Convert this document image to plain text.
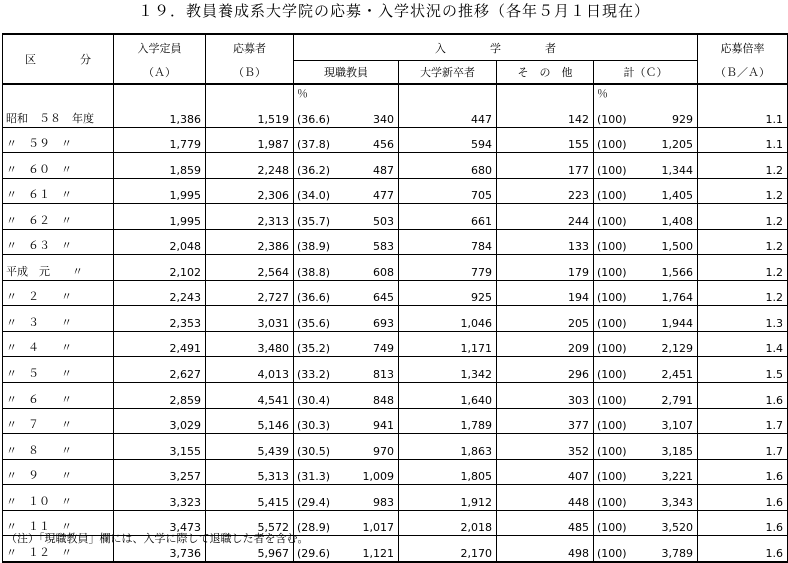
１９．教員養成系大学院の応募・入学状況の推移（各年５月１日現在）
区　　　　分	入学定員	応募者	入　　　　学　　　　者						応募倍率
	（Ａ）	（Ｂ）	現職教員		大学新卒者	そ　の　他	計（Ｃ）		（Ｂ／Ａ）
			％				％		
昭和　５８　年度	1,386	1,519	(36.6)	340	447	142	(100)	929	1.1
〃　５９　〃	1,779	1,987	(37.8)	456	594	155	(100)	1,205	1.1
〃　６０　〃	1,859	2,248	(36.2)	487	680	177	(100)	1,344	1.2
〃　６１　〃	1,995	2,306	(34.0)	477	705	223	(100)	1,405	1.2
〃　６２　〃	1,995	2,313	(35.7)	503	661	244	(100)	1,408	1.2
〃　６３　〃	2,048	2,386	(38.9)	583	784	133	(100)	1,500	1.2
平成　元　　〃	2,102	2,564	(38.8)	608	779	179	(100)	1,566	1.2
〃　２　　〃	2,243	2,727	(36.6)	645	925	194	(100)	1,764	1.2
〃　３　　〃	2,353	3,031	(35.6)	693	1,046	205	(100)	1,944	1.3
〃　４　　〃	2,491	3,480	(35.2)	749	1,171	209	(100)	2,129	1.4
〃　５　　〃	2,627	4,013	(33.2)	813	1,342	296	(100)	2,451	1.5
〃　６　　〃	2,859	4,541	(30.4)	848	1,640	303	(100)	2,791	1.6
〃　７　　〃	3,029	5,146	(30.3)	941	1,789	377	(100)	3,107	1.7
〃　８　　〃	3,155	5,439	(30.5)	970	1,863	352	(100)	3,185	1.7
〃　９　　〃	3,257	5,313	(31.3)	1,009	1,805	407	(100)	3,221	1.6
〃　１０　〃	3,323	5,415	(29.4)	983	1,912	448	(100)	3,343	1.6
〃　１１　〃	3,473	5,572	(28.9)	1,017	2,018	485	(100)	3,520	1.6
〃　１２　〃	3,736	5,967	(29.6)	1,121	2,170	498	(100)	3,789	1.6
（注）「現職教員」欄には、入学に際して退職した者を含む。
